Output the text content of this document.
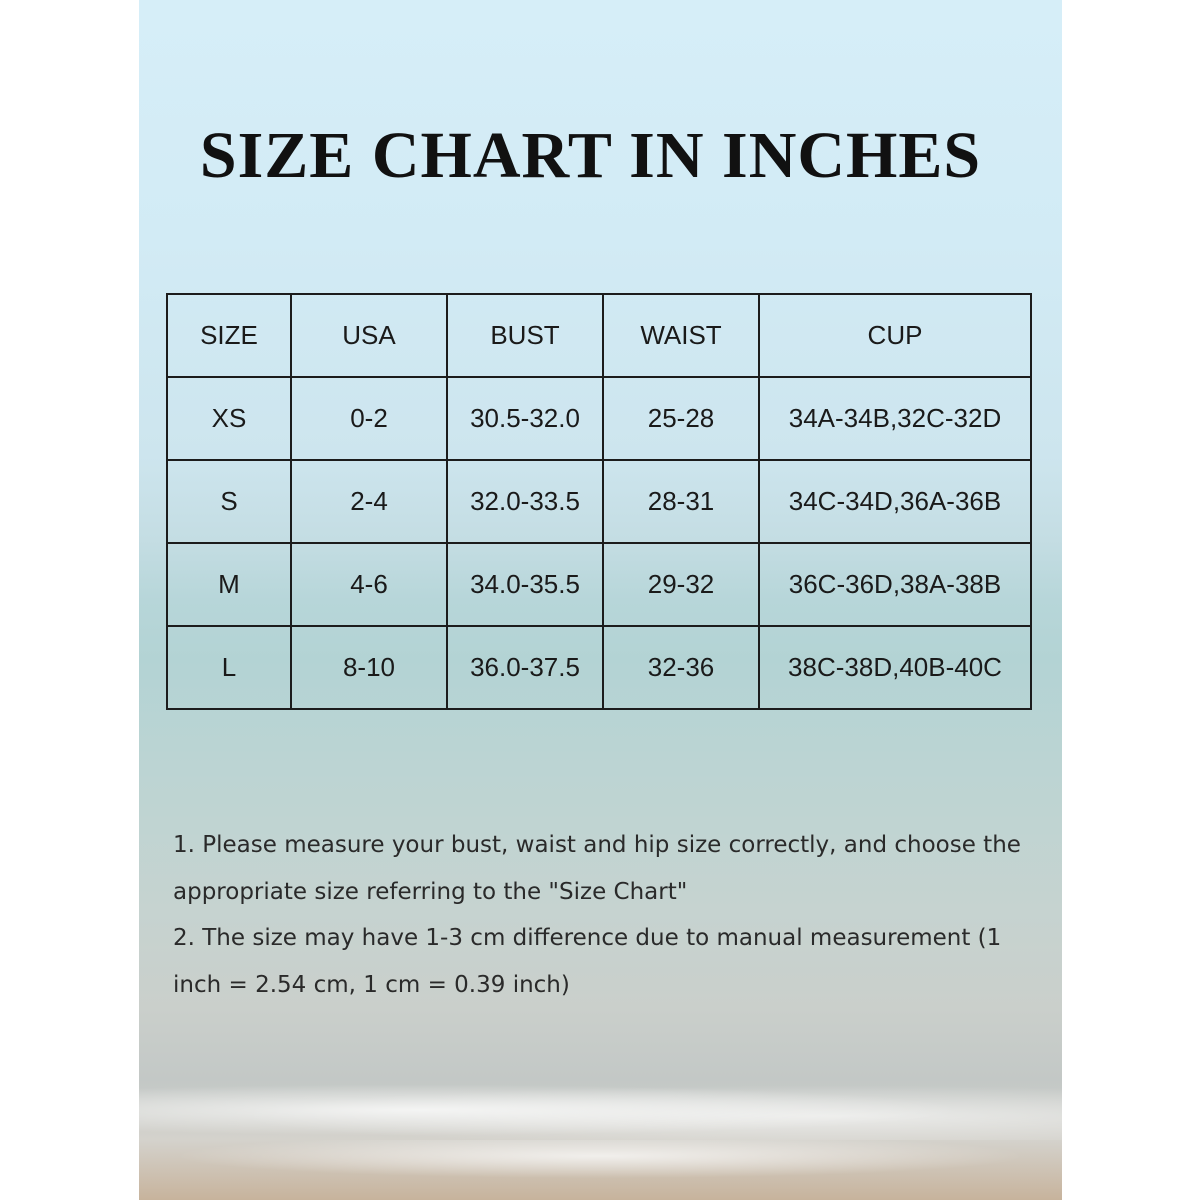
SIZE CHART IN INCHES
SIZE	USA	BUST	WAIST	CUP
XS	0-2	30.5-32.0	25-28	34A-34B,32C-32D
S	2-4	32.0-33.5	28-31	34C-34D,36A-36B
M	4-6	34.0-35.5	29-32	36C-36D,38A-38B
L	8-10	36.0-37.5	32-36	38C-38D,40B-40C

1. Please measure your bust, waist and hip size correctly, and choose the appropriate size referring to the "Size Chart"

2. The size may have 1-3 cm difference due to manual measurement (1 inch = 2.54 cm, 1 cm = 0.39 inch)
